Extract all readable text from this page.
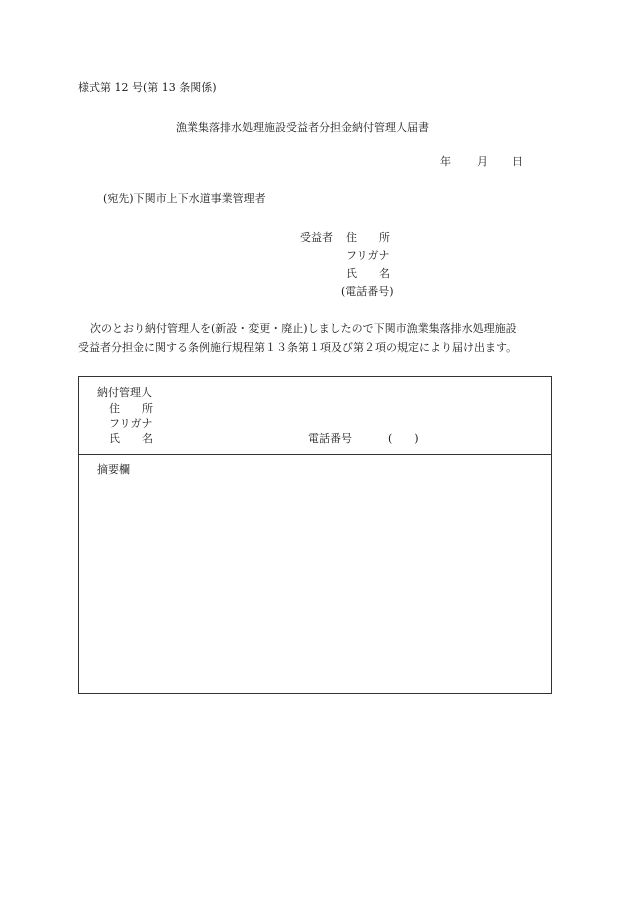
様式第 12 号(第 13 条関係)
漁業集落排水処理施設受益者分担金納付管理人届書
年 月 日
(宛先)下関市上下水道事業管理者
受益者 住　　所
フリガナ
氏　　名
(電話番号)
次のとおり納付管理人を(新設・変更・廃止)しましたので下関市漁業集落排水処理施設
受益者分担金に関する条例施行規程第１３条第１項及び第２項の規定により届け出ます。
納付管理人
住　　所
フリガナ
氏　　名	電話番号	(　　)
摘要欄
